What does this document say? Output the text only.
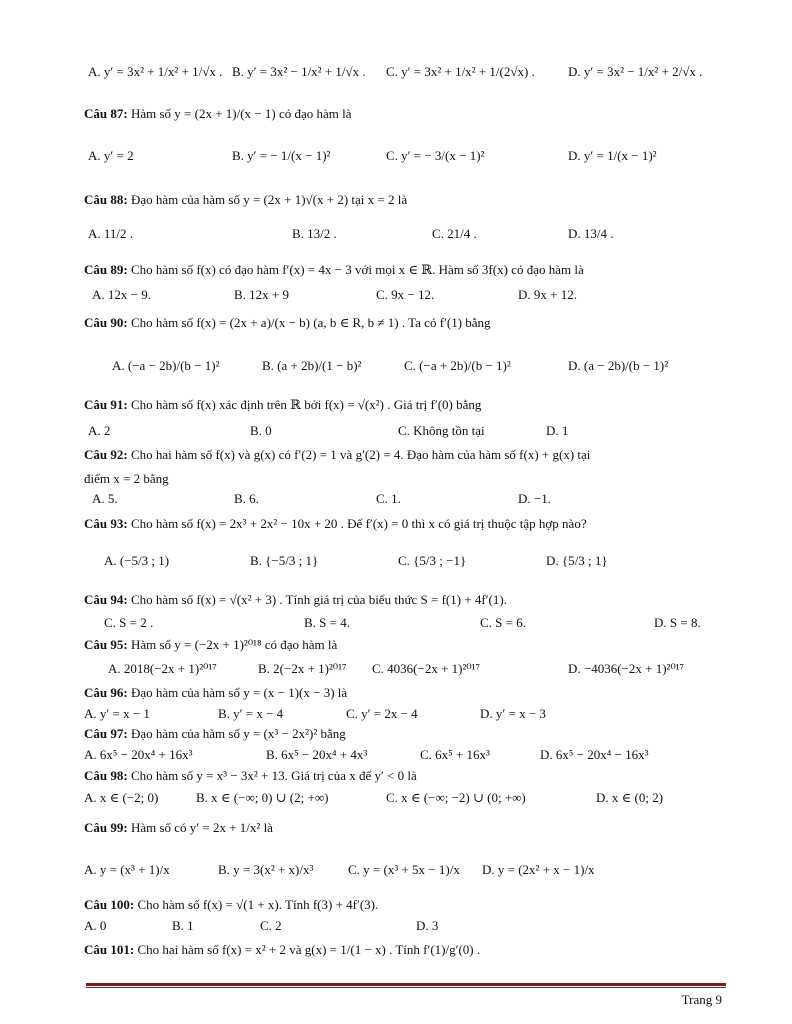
A. y′ = 3x² + 1/x² + 1/√x . B. y′ = 3x² − 1/x² + 1/√x . C. y′ = 3x² + 1/x² + 1/(2√x) .	D. y′ = 3x² − 1/x² + 2/√x .
Câu 87: Hàm số y = (2x + 1)/(x − 1) có đạo hàm là
A. y′ = 2	B. y′ = − 1/(x − 1)²	C. y′ = − 3/(x − 1)²	D. y′ = 1/(x − 1)²
Câu 88: Đạo hàm của hàm số y = (2x + 1)√(x + 2) tại x = 2 là
A. 11/2 .	B. 13/2 .	C. 21/4 .	D. 13/4 .
Câu 89: Cho hàm số f(x) có đạo hàm f′(x) = 4x − 3 với mọi x ∈ ℝ. Hàm số 3f(x) có đạo hàm là
A. 12x − 9.	B. 12x + 9	C. 9x − 12.	D. 9x + 12.
Câu 90: Cho hàm số f(x) = (2x + a)/(x − b) (a, b ∈ R, b ≠ 1) . Ta có f′(1) bằng
A. (−a − 2b)/(b − 1)²	B. (a + 2b)/(1 − b)²	C. (−a + 2b)/(b − 1)²	D. (a − 2b)/(b − 1)²
Câu 91: Cho hàm số f(x) xác định trên ℝ bởi f(x) = √(x²) . Giá trị f′(0) bằng
A. 2	B. 0	C. Không tồn tại	D. 1
Câu 92: Cho hai hàm số f(x) và g(x) có f′(2) = 1 và g′(2) = 4. Đạo hàm của hàm số f(x) + g(x) tại
điểm x = 2 bằng
A. 5.	B. 6.	C. 1.	D. −1.
Câu 93: Cho hàm số f(x) = 2x³ + 2x² − 10x + 20 . Để f′(x) = 0 thì x có giá trị thuộc tập hợp nào?
A. (−5/3 ; 1)	B. {−5/3 ; 1}	C. {5/3 ; −1}	D. {5/3 ; 1}
Câu 94: Cho hàm số f(x) = √(x² + 3) . Tính giá trị của biểu thức S = f(1) + 4f′(1).
C. S = 2 .	B. S = 4.	C. S = 6.	D. S = 8.
Câu 95: Hàm số y = (−2x + 1)²⁰¹⁸ có đạo hàm là
A. 2018(−2x + 1)²⁰¹⁷	B. 2(−2x + 1)²⁰¹⁷ C. 4036(−2x + 1)²⁰¹⁷	D. −4036(−2x + 1)²⁰¹⁷
Câu 96: Đạo hàm của hàm số y = (x − 1)(x − 3) là
A. y′ = x − 1	B. y′ = x − 4	C. y′ = 2x − 4	D. y′ = x − 3
Câu 97: Đạo hàm của hàm số y = (x³ − 2x²)² bằng
A. 6x⁵ − 20x⁴ + 16x³	B. 6x⁵ − 20x⁴ + 4x³	C. 6x⁵ + 16x³	D. 6x⁵ − 20x⁴ − 16x³
Câu 98: Cho hàm số y = x³ − 3x² + 13. Giá trị của x để y′ < 0 là
A. x ∈ (−2; 0)	B. x ∈ (−∞; 0) ∪ (2; +∞)	C. x ∈ (−∞; −2) ∪ (0; +∞)	D. x ∈ (0; 2)
Câu 99: Hàm số có y′ = 2x + 1/x² là
A. y = (x³ + 1)/x	B. y = 3(x² + x)/x³	C. y = (x³ + 5x − 1)/x D. y = (2x² + x − 1)/x
Câu 100: Cho hàm số f(x) = √(1 + x). Tính f(3) + 4f′(3).
A. 0	B. 1	C. 2	D. 3
Câu 101: Cho hai hàm số f(x) = x² + 2 và g(x) = 1/(1 − x) . Tính f′(1)/g′(0) .
Trang 9
